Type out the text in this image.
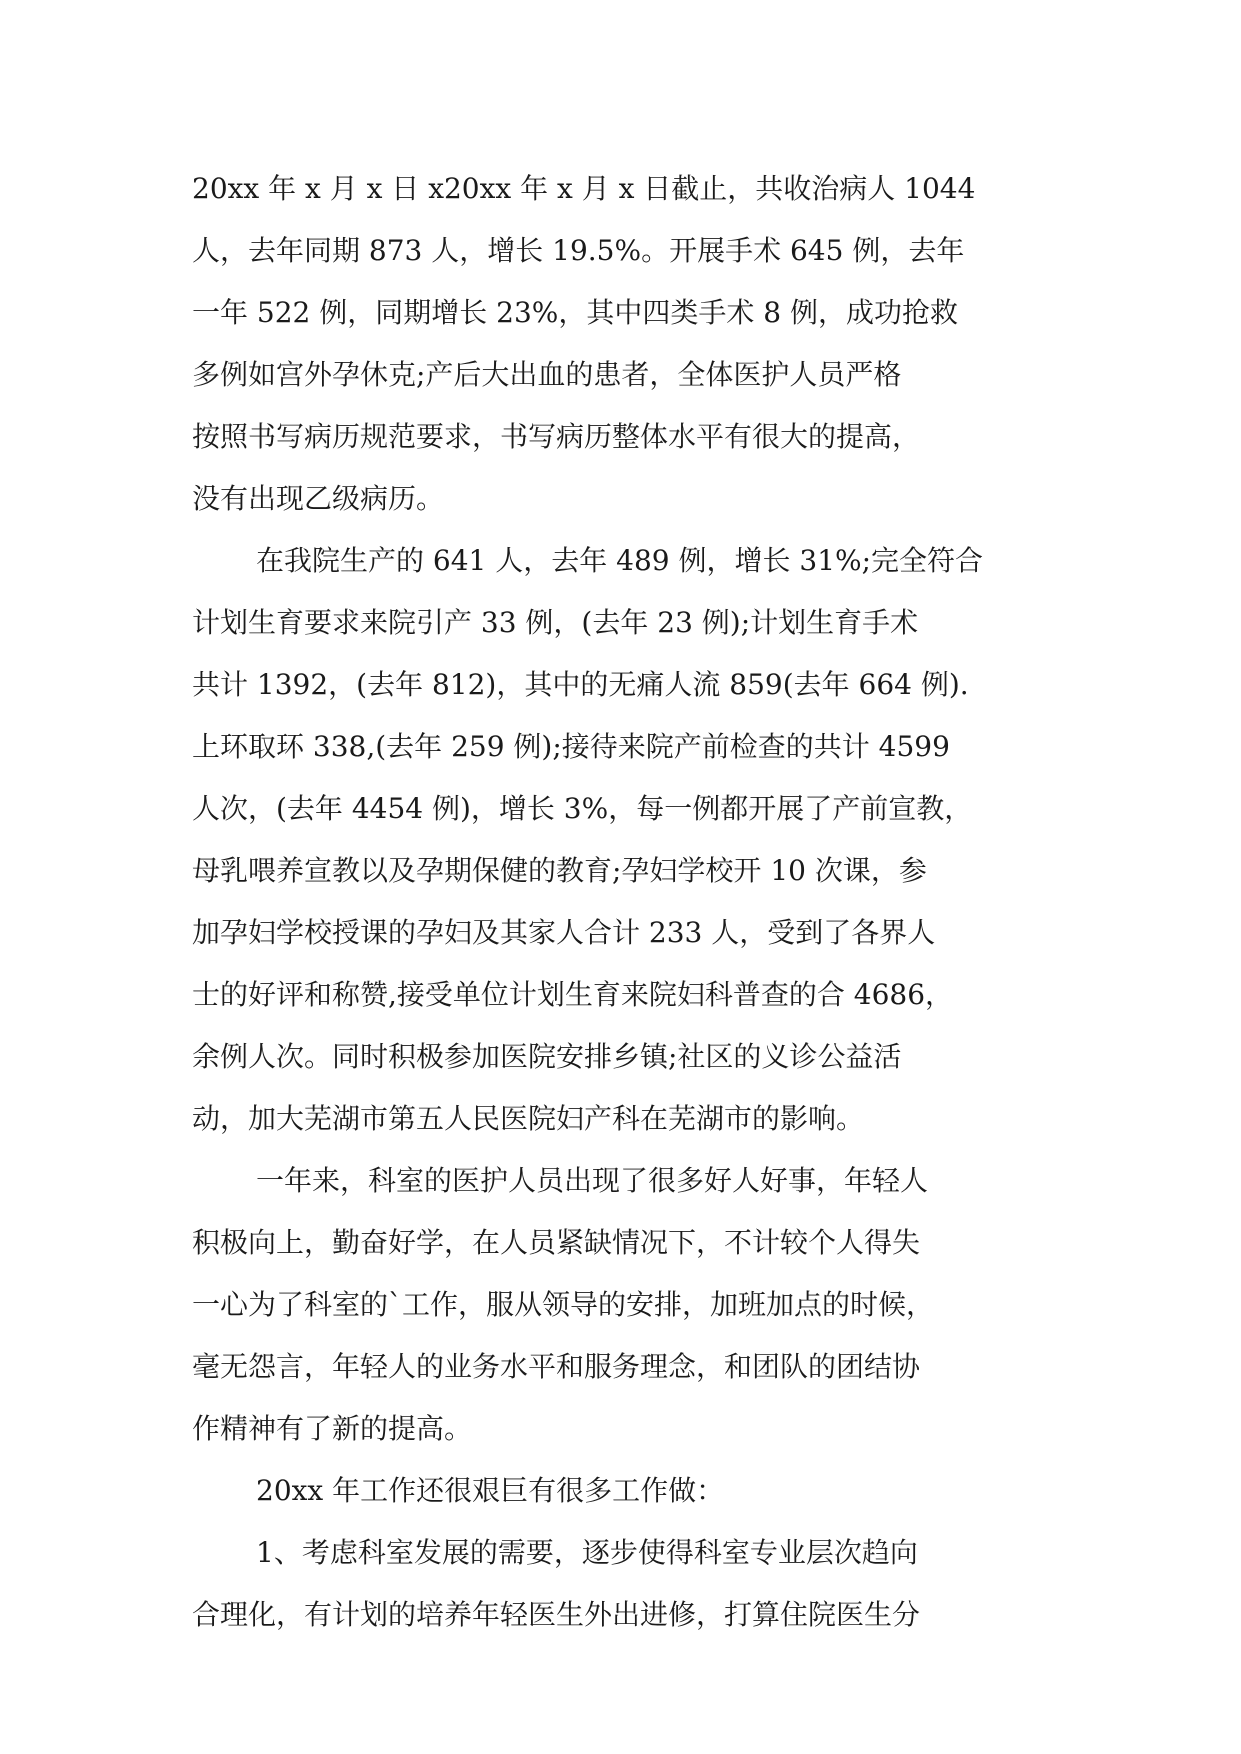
20xx 年 x 月 x 日 x20xx 年 x 月 x 日截止，共收治病人 1044
人，去年同期 873 人，增长 19.5%。开展手术 645 例，去年
一年 522 例，同期增长 23%，其中四类手术 8 例，成功抢救
多例如宫外孕休克;产后大出血的患者，全体医护人员严格
按照书写病历规范要求，书写病历整体水平有很大的提高，
没有出现乙级病历。
在我院生产的 641 人，去年 489 例，增长 31%;完全符合
计划生育要求来院引产 33 例，(去年 23 例);计划生育手术
共计 1392，(去年 812)，其中的无痛人流 859(去年 664 例).
上环取环 338,(去年 259 例);接待来院产前检查的共计 4599
人次，(去年 4454 例)，增长 3%，每一例都开展了产前宣教，
母乳喂养宣教以及孕期保健的教育;孕妇学校开 10 次课，参
加孕妇学校授课的孕妇及其家人合计 233 人，受到了各界人
士的好评和称赞,接受单位计划生育来院妇科普查的合 4686，
余例人次。同时积极参加医院安排乡镇;社区的义诊公益活
动，加大芜湖市第五人民医院妇产科在芜湖市的影响。
一年来，科室的医护人员出现了很多好人好事，年轻人
积极向上，勤奋好学，在人员紧缺情况下，不计较个人得失
一心为了科室的`工作，服从领导的安排，加班加点的时候，
毫无怨言，年轻人的业务水平和服务理念，和团队的团结协
作精神有了新的提高。
20xx 年工作还很艰巨有很多工作做：
1、考虑科室发展的需要，逐步使得科室专业层次趋向
合理化，有计划的培养年轻医生外出进修，打算住院医生分
